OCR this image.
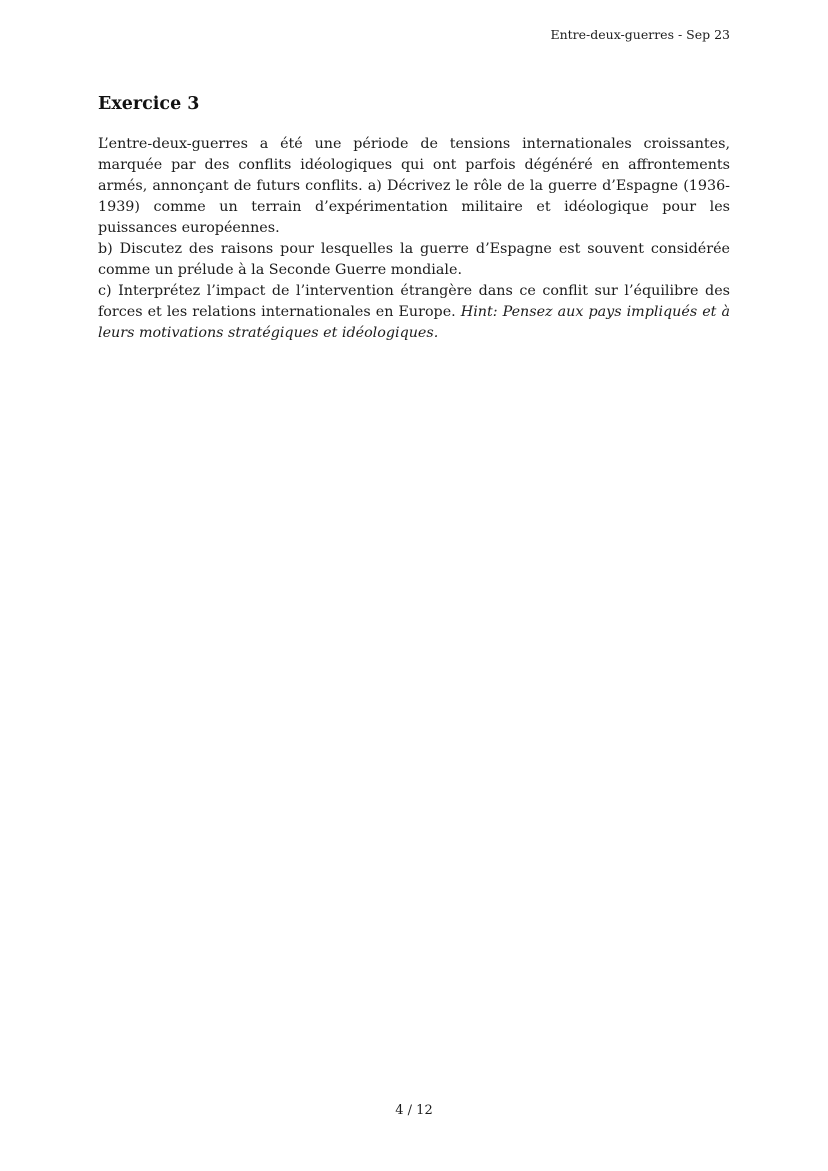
Entre-deux-guerres - Sep 23
Exercice 3

L’entre-deux-guerres a été une période de tensions internationales croissantes, marquée par des conflits idéologiques qui ont parfois dégénéré en affrontements armés, annonçant de futurs conflits. a) Décrivez le rôle de la guerre d’Espagne (1936-1939) comme un terrain d’expérimentation militaire et idéologique pour les puissances européennes.

b) Discutez des raisons pour lesquelles la guerre d’Espagne est souvent considérée comme un prélude à la Seconde Guerre mondiale.

c) Interprétez l’impact de l’intervention étrangère dans ce conflit sur l’équilibre des forces et les relations internationales en Europe. Hint: Pensez aux pays impliqués et à leurs motivations stratégiques et idéologiques.

4 / 12
